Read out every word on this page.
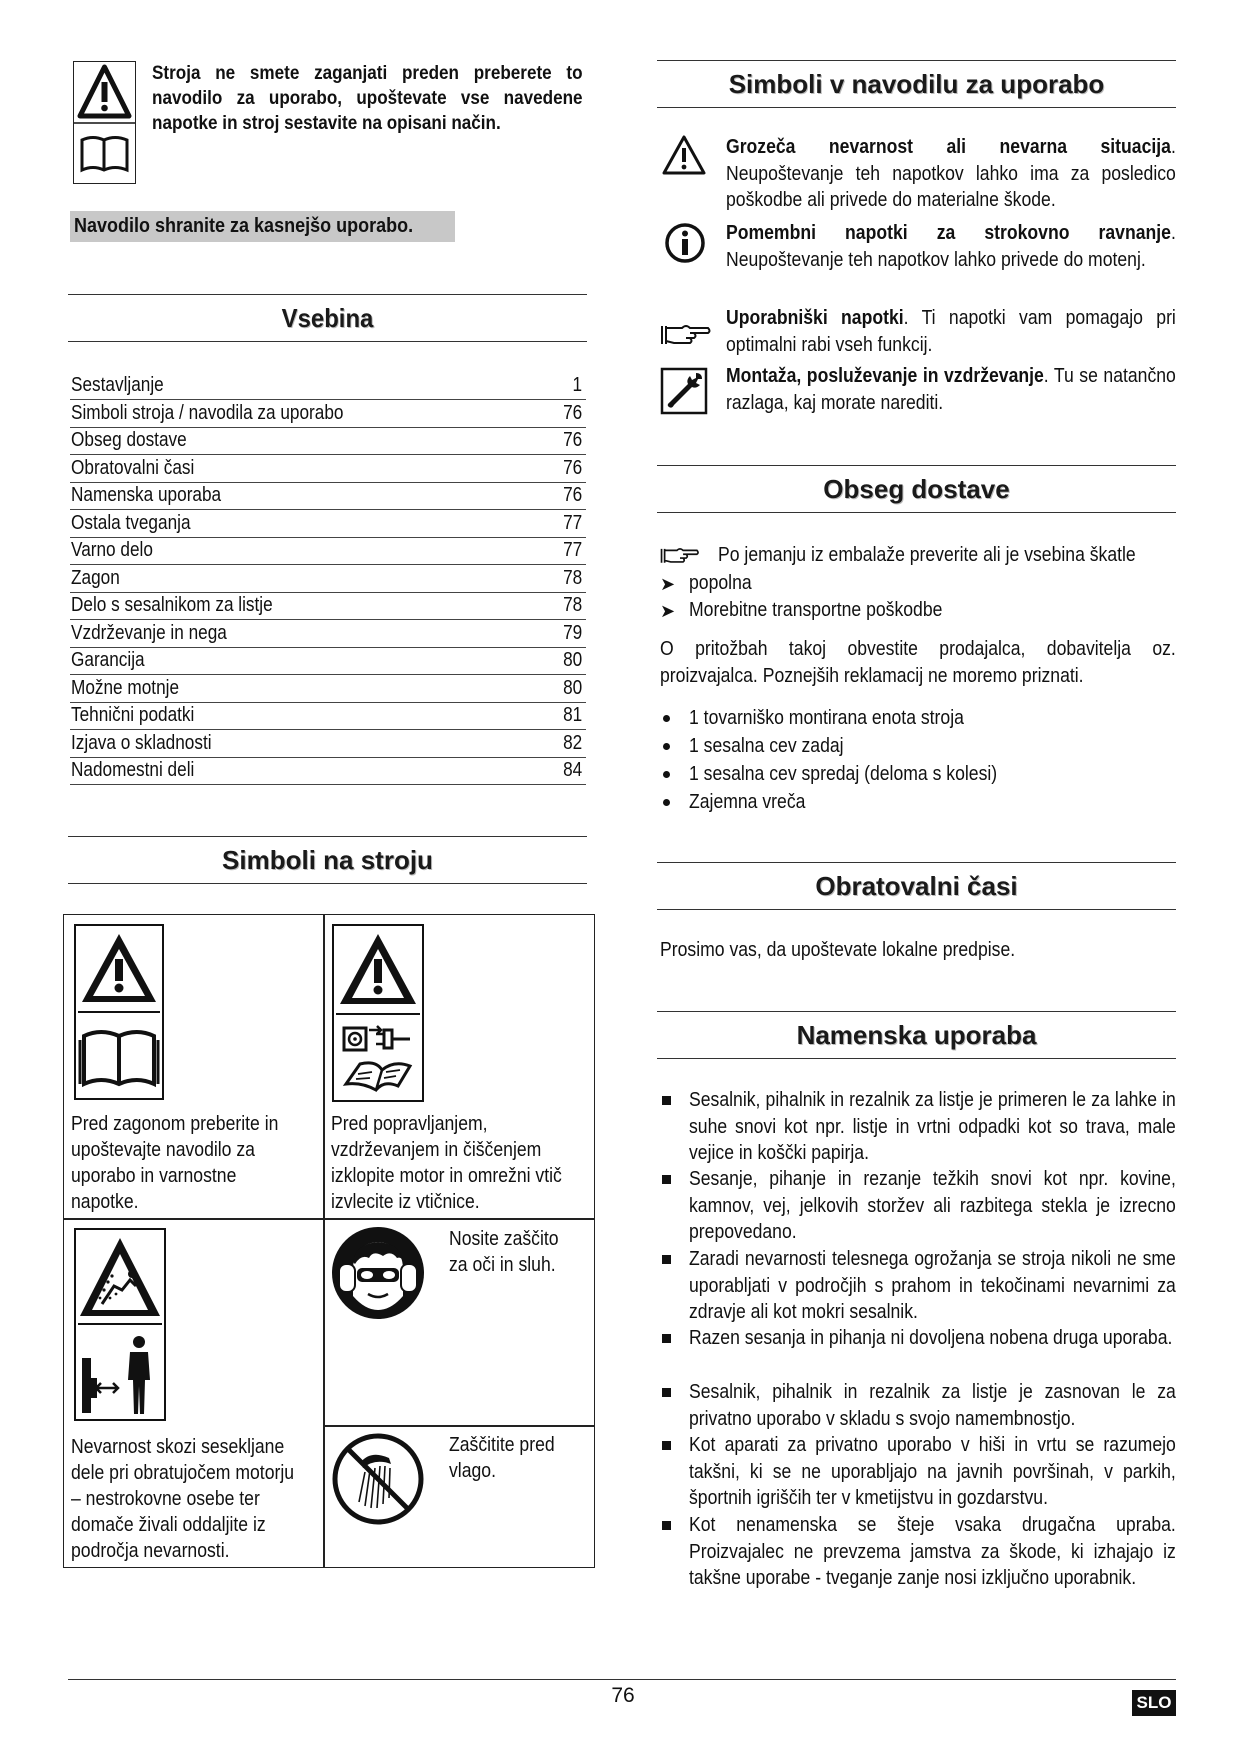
Stroja ne smete zaganjati preden preberete to navodilo za uporabo, upoštevate vse navedene napotke in stroj sestavite na opisani način.
Navodilo shranite za kasnejšo uporabo.
Vsebina
Sestavljanje	1
Simboli stroja / navodila za uporabo	76
Obseg dostave	76
Obratovalni časi	76
Namenska uporaba	76
Ostala tveganja	77
Varno delo	77
Zagon	78
Delo s sesalnikom za listje	78
Vzdrževanje in nega	79
Garancija	80
Možne motnje	80
Tehnični podatki	81
Izjava o skladnosti	82
Nadomestni deli	84
Simboli na stroju
Pred zagonom preberite in upoštevajte navodilo za uporabo in varnostne napotke.
Pred popravljanjem, vzdrževanjem in čiščenjem izklopite motor in omrežni vtič izvlecite iz vtičnice.
Nosite zaščito za oči in sluh.
Nevarnost skozi sesekljane dele pri obratujočem motorju – nestrokovne osebe ter domače živali oddaljite iz področja nevarnosti.
Zaščitite pred vlago.
Simboli v navodilu za uporabo
Grozeča nevarnost ali nevarna situacija. Neupoštevanje teh napotkov lahko ima za posledico poškodbe ali privede do materialne škode.
Pomembni napotki za strokovno ravnanje. Neupoštevanje teh napotkov lahko privede do motenj.
Uporabniški napotki. Ti napotki vam pomagajo pri optimalni rabi vseh funkcij.
Montaža, posluževanje in vzdrževanje. Tu se natančno razlaga, kaj morate narediti.
Obseg dostave
Po jemanju iz embalaže preverite ali je vsebina škatle
➤ popolna
➤ Morebitne transportne poškodbe
O pritožbah takoj obvestite prodajalca, dobavitelja oz. proizvajalca. Poznejših reklamacij ne moremo priznati.
1 tovarniško montirana enota stroja
1 sesalna cev zadaj
1 sesalna cev spredaj (deloma s kolesi)
Zajemna vreča
Obratovalni časi
Prosimo vas, da upoštevate lokalne predpise.
Namenska uporaba
Sesalnik, pihalnik in rezalnik za listje je primeren le za lahke in suhe snovi kot npr. listje in vrtni odpadki kot so trava, male vejice in koščki papirja.
Sesanje, pihanje in rezanje težkih snovi kot npr. kovine, kamnov, vej, jelkovih storžev ali razbitega stekla je izrecno prepovedano.
Zaradi nevarnosti telesnega ogrožanja se stroja nikoli ne sme uporabljati v področjih s prahom in tekočinami nevarnimi za zdravje ali kot mokri sesalnik.
Razen sesanja in pihanja ni dovoljena nobena druga uporaba.
Sesalnik, pihalnik in rezalnik za listje je zasnovan le za privatno uporabo v skladu s svojo namembnostjo.
Kot aparati za privatno uporabo v hiši in vrtu se razumejo takšni, ki se ne uporabljajo na javnih površinah, v parkih, športnih igriščih ter v kmetijstvu in gozdarstvu.
Kot nenamenska se šteje vsaka drugačna upraba. Proizvajalec ne prevzema jamstva za škode, ki izhajajo iz takšne uporabe - tveganje zanje nosi izključno uporabnik.
76	SLO
